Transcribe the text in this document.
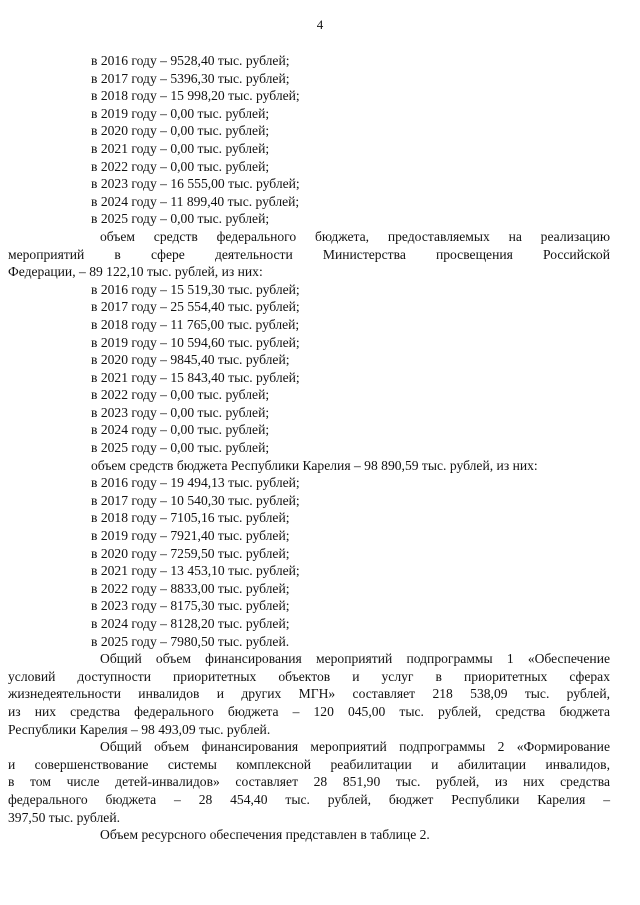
4
в 2016 году – 9528,40 тыс. рублей;
в 2017 году – 5396,30 тыс. рублей;
в 2018 году – 15 998,20 тыс. рублей;
в 2019 году – 0,00 тыс. рублей;
в 2020 году – 0,00 тыс. рублей;
в 2021 году – 0,00 тыс. рублей;
в 2022 году – 0,00 тыс. рублей;
в 2023 году – 16 555,00 тыс. рублей;
в 2024 году – 11 899,40 тыс. рублей;
в 2025 году – 0,00 тыс. рублей;
объем средств федерального бюджета, предоставляемых на реализацию
мероприятий в сфере деятельности Министерства просвещения Российской
Федерации, – 89 122,10 тыс. рублей, из них:
в 2016 году – 15 519,30 тыс. рублей;
в 2017 году – 25 554,40 тыс. рублей;
в 2018 году – 11 765,00 тыс. рублей;
в 2019 году – 10 594,60 тыс. рублей;
в 2020 году – 9845,40 тыс. рублей;
в 2021 году – 15 843,40 тыс. рублей;
в 2022 году – 0,00 тыс. рублей;
в 2023 году – 0,00 тыс. рублей;
в 2024 году – 0,00 тыс. рублей;
в 2025 году – 0,00 тыс. рублей;
объем средств бюджета Республики Карелия – 98 890,59 тыс. рублей, из них:
в 2016 году – 19 494,13 тыс. рублей;
в 2017 году – 10 540,30 тыс. рублей;
в 2018 году – 7105,16 тыс. рублей;
в 2019 году – 7921,40 тыс. рублей;
в 2020 году – 7259,50 тыс. рублей;
в 2021 году – 13 453,10 тыс. рублей;
в 2022 году – 8833,00 тыс. рублей;
в 2023 году – 8175,30 тыс. рублей;
в 2024 году – 8128,20 тыс. рублей;
в 2025 году – 7980,50 тыс. рублей.
Общий объем финансирования мероприятий подпрограммы 1 «Обеспечение
условий доступности приоритетных объектов и услуг в приоритетных сферах
жизнедеятельности инвалидов и других МГН» составляет 218 538,09 тыс. рублей,
из них средства федерального бюджета – 120 045,00 тыс. рублей, средства бюджета
Республики Карелия – 98 493,09 тыс. рублей.
Общий объем финансирования мероприятий подпрограммы 2 «Формирование
и совершенствование системы комплексной реабилитации и абилитации инвалидов,
в том числе детей-инвалидов» составляет 28 851,90 тыс. рублей, из них средства
федерального бюджета – 28 454,40 тыс. рублей, бюджет Республики Карелия –
397,50 тыс. рублей.
Объем ресурсного обеспечения представлен в таблице 2.
